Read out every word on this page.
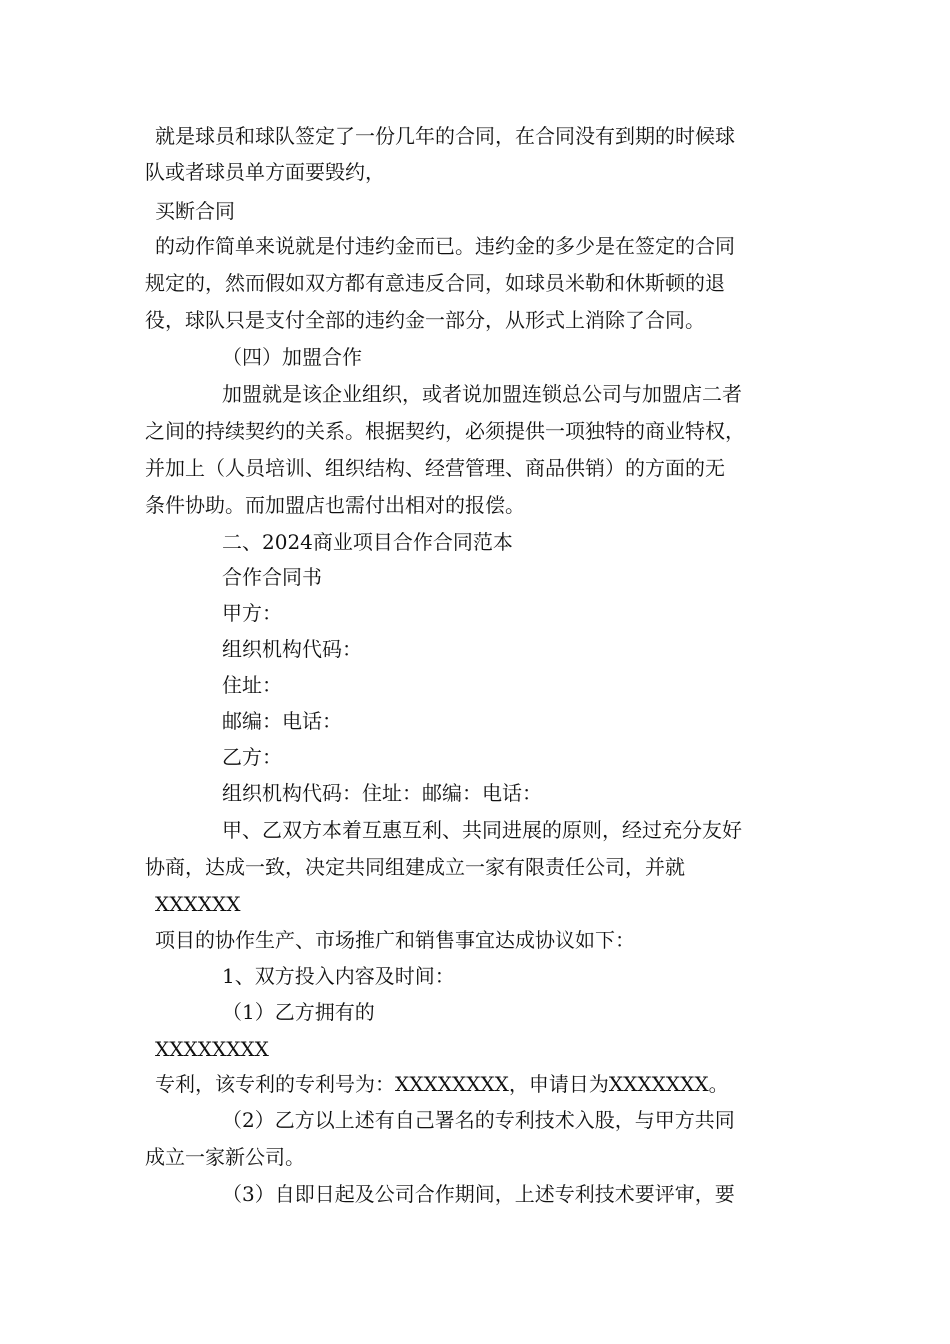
就是球员和球队签定了一份几年的合同，在合同没有到期的时候球
队或者球员单方面要毁约，
买断合同
的动作简单来说就是付违约金而已。违约金的多少是在签定的合同
规定的，然而假如双方都有意违反合同，如球员米勒和休斯顿的退
役，球队只是支付全部的违约金一部分，从形式上消除了合同。
（四）加盟合作
加盟就是该企业组织，或者说加盟连锁总公司与加盟店二者
之间的持续契约的关系。根据契约，必须提供一项独特的商业特权，
并加上（人员培训、组织结构、经营管理、商品供销）的方面的无
条件协助。而加盟店也需付出相对的报偿。
二、2024商业项目合作合同范本
合作合同书
甲方：
组织机构代码：
住址：
邮编：电话：
乙方：
组织机构代码：住址：邮编：电话：
甲、乙双方本着互惠互利、共同进展的原则，经过充分友好
协商，达成一致，决定共同组建成立一家有限责任公司，并就
XXXXXX
项目的协作生产、市场推广和销售事宜达成协议如下：
1、双方投入内容及时间：
（1）乙方拥有的
XXXXXXXX
专利，该专利的专利号为：XXXXXXXX，申请日为XXXXXXX。
（2）乙方以上述有自己署名的专利技术入股，与甲方共同
成立一家新公司。
（3）自即日起及公司合作期间，上述专利技术要评审，要
